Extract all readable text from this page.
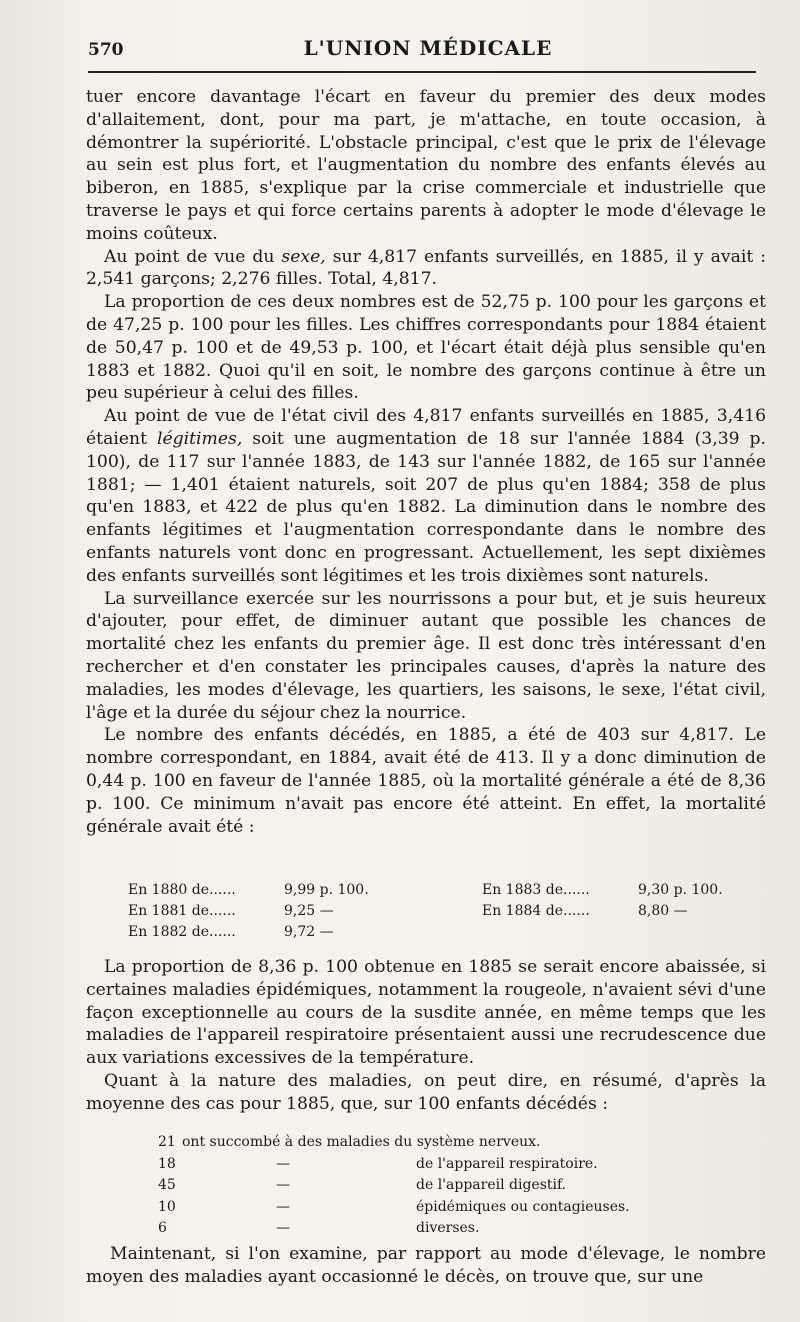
570	L'UNION MÉDICALE

tuer encore davantage l'écart en faveur du premier des deux modes d'allaitement, dont, pour ma part, je m'attache, en toute occasion, à démontrer la supériorité. L'obstacle principal, c'est que le prix de l'élevage au sein est plus fort, et l'augmentation du nombre des enfants élevés au biberon, en 1885, s'explique par la crise commerciale et industrielle que traverse le pays et qui force certains parents à adopter le mode d'élevage le moins coûteux.

Au point de vue du sexe, sur 4,817 enfants surveillés, en 1885, il y avait : 2,541 garçons; 2,276 filles. Total, 4,817.

La proportion de ces deux nombres est de 52,75 p. 100 pour les garçons et de 47,25 p. 100 pour les filles. Les chiffres correspondants pour 1884 étaient de 50,47 p. 100 et de 49,53 p. 100, et l'écart était déjà plus sensible qu'en 1883 et 1882. Quoi qu'il en soit, le nombre des garçons continue à être un peu supérieur à celui des filles.

Au point de vue de l'état civil des 4,817 enfants surveillés en 1885, 3,416 étaient légitimes, soit une augmentation de 18 sur l'année 1884 (3,39 p. 100), de 117 sur l'année 1883, de 143 sur l'année 1882, de 165 sur l'année 1881; — 1,401 étaient naturels, soit 207 de plus qu'en 1884; 358 de plus qu'en 1883, et 422 de plus qu'en 1882. La diminution dans le nombre des enfants légitimes et l'augmentation correspondante dans le nombre des enfants naturels vont donc en progressant. Actuellement, les sept dixièmes des enfants surveillés sont légitimes et les trois dixièmes sont naturels.

La surveillance exercée sur les nourrissons a pour but, et je suis heureux d'ajouter, pour effet, de diminuer autant que possible les chances de mortalité chez les enfants du premier âge. Il est donc très intéressant d'en rechercher et d'en constater les principales causes, d'après la nature des maladies, les modes d'élevage, les quartiers, les saisons, le sexe, l'état civil, l'âge et la durée du séjour chez la nourrice.

Le nombre des enfants décédés, en 1885, a été de 403 sur 4,817. Le nombre correspondant, en 1884, avait été de 413. Il y a donc diminution de 0,44 p. 100 en faveur de l'année 1885, où la mortalité générale a été de 8,36 p. 100. Ce minimum n'avait pas encore été atteint. En effet, la mortalité générale avait été :

En 1880 de......	9,99 p. 100.
En 1881 de......	9,25 —
En 1882 de......	9,72 —
En 1883 de......	9,30 p. 100.
En 1884 de......	8,80 —

La proportion de 8,36 p. 100 obtenue en 1885 se serait encore abaissée, si certaines maladies épidémiques, notamment la rougeole, n'avaient sévi d'une façon exceptionnelle au cours de la susdite année, en même temps que les maladies de l'appareil respiratoire présentaient aussi une recrudescence due aux variations excessives de la température.

Quant à la nature des maladies, on peut dire, en résumé, d'après la moyenne des cas pour 1885, que, sur 100 enfants décédés :

21 ont succombé à des maladies du système nerveux.
18	—	de l'appareil respiratoire.
45	—	de l'appareil digestif.
10	—	épidémiques ou contagieuses.
6	—	diverses.

Maintenant, si l'on examine, par rapport au mode d'élevage, le nombre moyen des maladies ayant occasionné le décès, on trouve que, sur une
